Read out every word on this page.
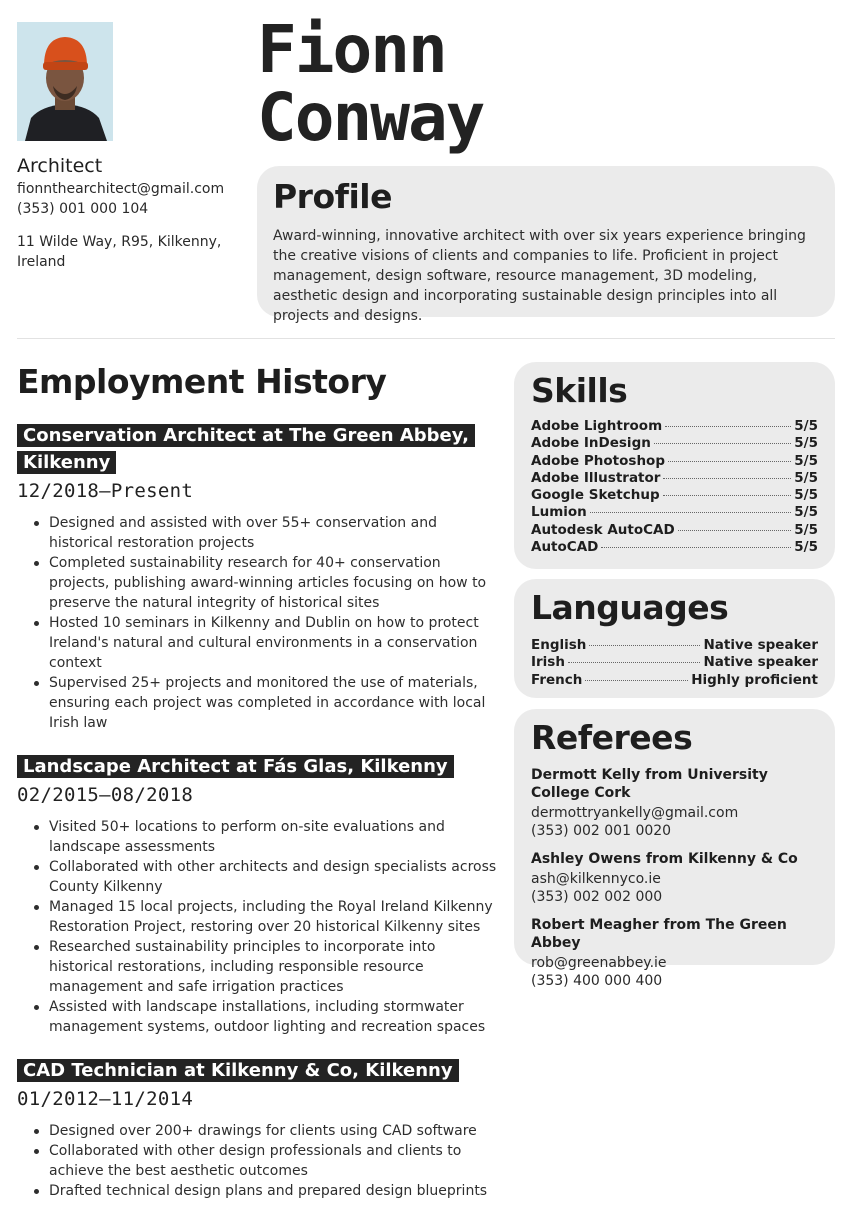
Architect
fionnthearchitect@gmail.com
(353) 001 000 104
11 Wilde Way, R95, Kilkenny,
Ireland
Fionn
Conway
Profile

Award-winning, innovative architect with over six years experience bringing the creative visions of clients and companies to life. Proficient in project management, design software, resource management, 3D modeling, aesthetic design and incorporating sustainable design principles into all projects and designs.

Employment History
Conservation Architect at The Green Abbey, Kilkenny
12/2018—Present
Designed and assisted with over 55+ conservation and historical restoration projects
Completed sustainability research for 40+ conservation projects, publishing award-winning articles focusing on how to preserve the natural integrity of historical sites
Hosted 10 seminars in Kilkenny and Dublin on how to protect Ireland's natural and cultural environments in a conservation context
Supervised 25+ projects and monitored the use of materials, ensuring each project was completed in accordance with local Irish law
Landscape Architect at Fás Glas, Kilkenny
02/2015—08/2018
Visited 50+ locations to perform on-site evaluations and landscape assessments
Collaborated with other architects and design specialists across County Kilkenny
Managed 15 local projects, including the Royal Ireland Kilkenny Restoration Project, restoring over 20 historical Kilkenny sites
Researched sustainability principles to incorporate into historical restorations, including responsible resource management and safe irrigation practices
Assisted with landscape installations, including stormwater management systems, outdoor lighting and recreation spaces
CAD Technician at Kilkenny & Co, Kilkenny
01/2012—11/2014
Designed over 200+ drawings for clients using CAD software
Collaborated with other design professionals and clients to achieve the best aesthetic outcomes
Drafted technical design plans and prepared design blueprints
Skills
Adobe Lightroom	5/5
Adobe InDesign	5/5
Adobe Photoshop	5/5
Adobe Illustrator	5/5
Google Sketchup	5/5
Lumion	5/5
Autodesk AutoCAD	5/5
AutoCAD	5/5
Languages
English	Native speaker
Irish	Native speaker
French	Highly proficient
Referees
Dermott Kelly from University College Cork
dermottryankelly@gmail.com
(353) 002 001 0020
Ashley Owens from Kilkenny & Co
ash@kilkennyco.ie
(353) 002 002 000
Robert Meagher from The Green Abbey
rob@greenabbey.ie
(353) 400 000 400
